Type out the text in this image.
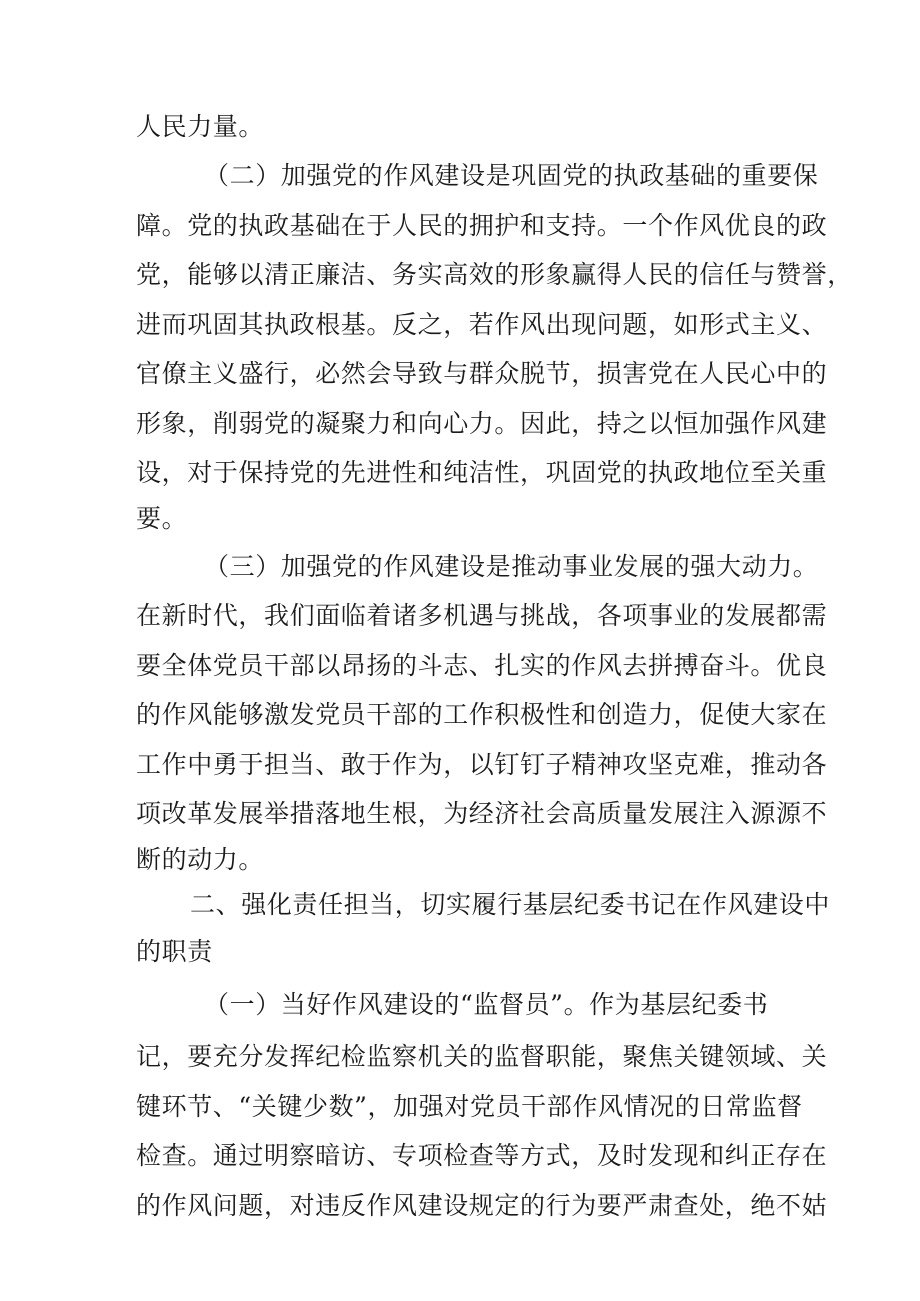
人民力量。
（二）加强党的作风建设是巩固党的执政基础的重要保
障。党的执政基础在于人民的拥护和支持。一个作风优良的政
党，能够以清正廉洁、务实高效的形象赢得人民的信任与赞誉，
进而巩固其执政根基。反之，若作风出现问题，如形式主义、
官僚主义盛行，必然会导致与群众脱节，损害党在人民心中的
形象，削弱党的凝聚力和向心力。因此，持之以恒加强作风建
设，对于保持党的先进性和纯洁性，巩固党的执政地位至关重
要。
（三）加强党的作风建设是推动事业发展的强大动力。
在新时代，我们面临着诸多机遇与挑战，各项事业的发展都需
要全体党员干部以昂扬的斗志、扎实的作风去拼搏奋斗。优良
的作风能够激发党员干部的工作积极性和创造力，促使大家在
工作中勇于担当、敢于作为，以钉钉子精神攻坚克难，推动各
项改革发展举措落地生根，为经济社会高质量发展注入源源不
断的动力。
二、强化责任担当，切实履行基层纪委书记在作风建设中
的职责
（一）当好作风建设的“监督员”。作为基层纪委书
记，要充分发挥纪检监察机关的监督职能，聚焦关键领域、关
键环节、“关键少数”，加强对党员干部作风情况的日常监督
检查。通过明察暗访、专项检查等方式，及时发现和纠正存在
的作风问题，对违反作风建设规定的行为要严肃查处，绝不姑
